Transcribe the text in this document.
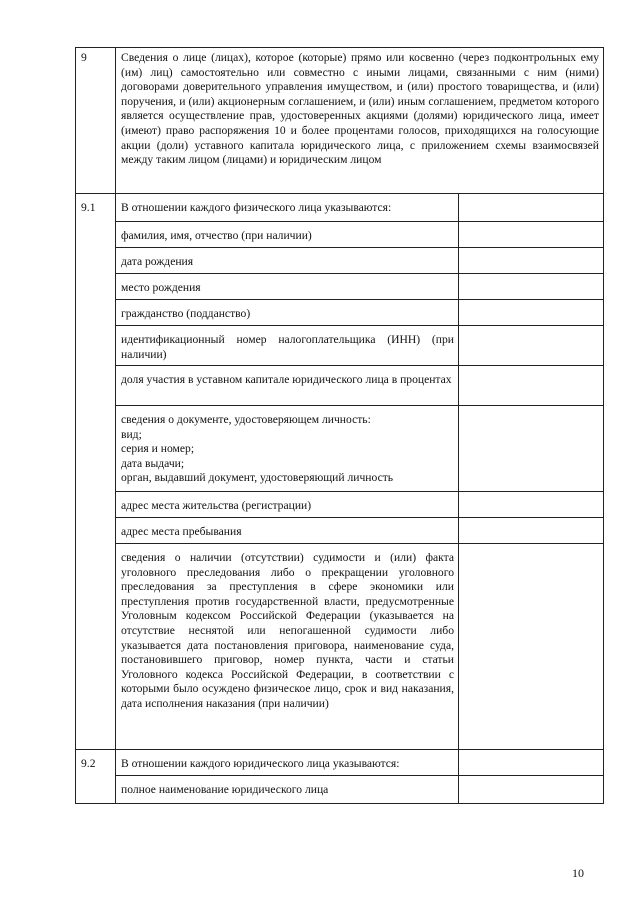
9	Сведения о лице (лицах), которое (которые) прямо или косвенно (через подконтрольных ему (им) лиц) самостоятельно или совместно с иными лицами, связанными с ним (ними) договорами доверительного управления имуществом, и (или) простого товарищества, и (или) поручения, и (или) акционерным соглашением, и (или) иным соглашением, предметом которого является осуществление прав, удостоверенных акциями (долями) юридического лица, имеет (имеют) право распоряжения 10 и более процентами голосов, приходящихся на голосующие акции (доли) уставного капитала юридического лица, с приложением схемы взаимосвязей между таким лицом (лицами) и юридическим лицом	
9.1	В отношении каждого физического лица указываются:	
	фамилия, имя, отчество (при наличии)	
	дата рождения	
	место рождения	
	гражданство (подданство)	
	идентификационный номер налогоплательщика (ИНН) (при наличии)	
	доля участия в уставном капитале юридического лица в процентах	
	сведения о документе, удостоверяющем личность:
вид;
серия и номер;
дата выдачи;
орган, выдавший документ, удостоверяющий личность	
	адрес места жительства (регистрации)	
	адрес места пребывания	
	сведения о наличии (отсутствии) судимости и (или) факта уголовного преследования либо о прекращении уголовного преследования за преступления в сфере экономики или преступления против государственной власти, предусмотренные Уголовным кодексом Российской Федерации (указывается на отсутствие неснятой или непогашенной судимости либо указывается дата постановления приговора, наименование суда, постановившего приговор, номер пункта, части и статьи Уголовного кодекса Российской Федерации, в соответствии с которыми было осуждено физическое лицо, срок и вид наказания, дата исполнения наказания (при наличии)	
9.2	В отношении каждого юридического лица указываются:	
	полное наименование юридического лица	
10
